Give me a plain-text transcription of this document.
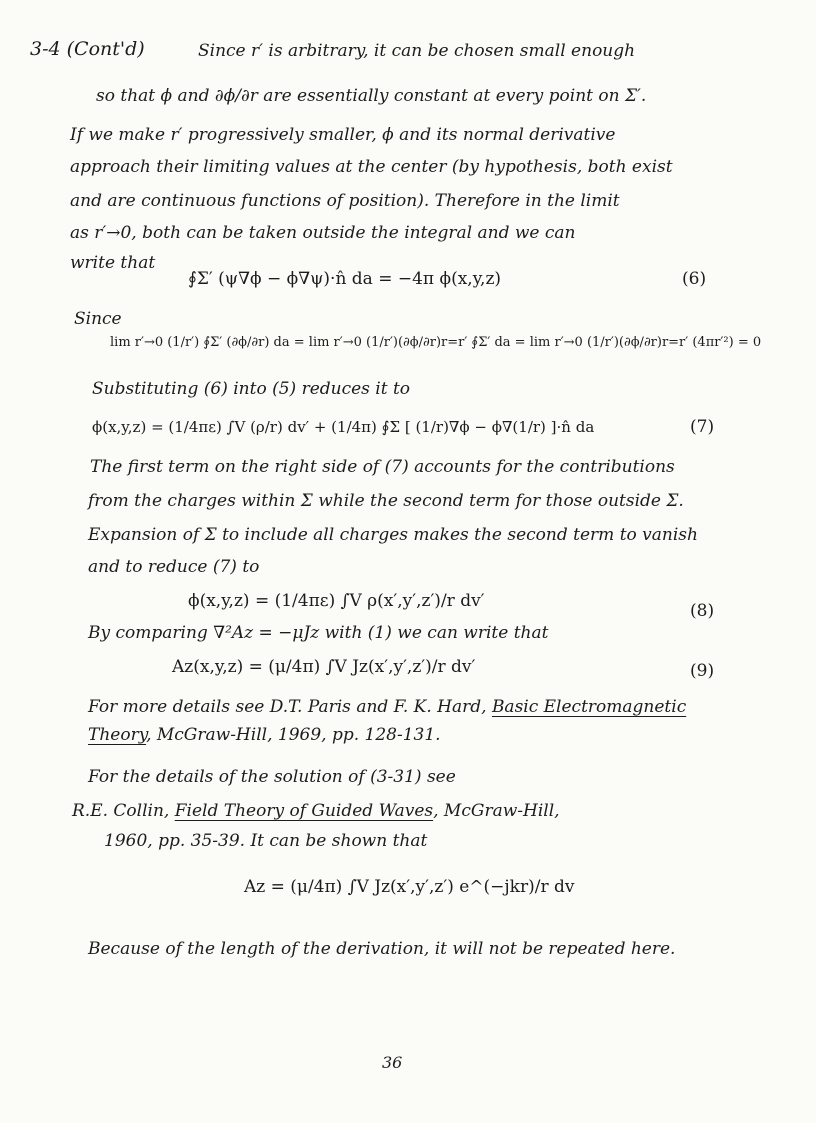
3-4 (Cont'd)	Since r′ is arbitrary, it can be chosen small enough
so that ϕ and ∂ϕ/∂r are essentially constant at every point on Σ′.
If we make r′ progressively smaller, ϕ and its normal derivative
approach their limiting values at the center (by hypothesis, both exist
and are continuous functions of position). Therefore in the limit
as r′→0, both can be taken outside the integral and we can
write that
∮Σ′ (ψ∇ϕ − ϕ∇ψ)·n̂ da = −4π ϕ(x,y,z)	(6)
Since
lim r′→0 (1/r′) ∮Σ′ (∂ϕ/∂r) da = lim r′→0 (1/r′)(∂ϕ/∂r)r=r′ ∮Σ′ da = lim r′→0 (1/r′)(∂ϕ/∂r)r=r′ (4πr′²) = 0
Substituting (6) into (5) reduces it to
ϕ(x,y,z) = (1/4πε) ∫V (ρ/r) dv′ + (1/4π) ∮Σ [ (1/r)∇ϕ − ϕ∇(1/r) ]·n̂ da	(7)
The first term on the right side of (7) accounts for the contributions
from the charges within Σ while the second term for those outside Σ.
Expansion of Σ to include all charges makes the second term to vanish
and to reduce (7) to
ϕ(x,y,z) = (1/4πε) ∫V ρ(x′,y′,z′)/r dv′	(8)
By comparing ∇²Az = −μJz with (1) we can write that
Az(x,y,z) = (μ/4π) ∫V Jz(x′,y′,z′)/r dv′	(9)
For more details see D.T. Paris and F. K. Hard, Basic Electromagnetic
Theory, McGraw-Hill, 1969, pp. 128-131.
For the details of the solution of (3-31) see
R.E. Collin, Field Theory of Guided Waves, McGraw-Hill,
1960, pp. 35-39. It can be shown that
Az = (μ/4π) ∫V Jz(x′,y′,z′) e^(−jkr)/r dv
Because of the length of the derivation, it will not be repeated here.
36
